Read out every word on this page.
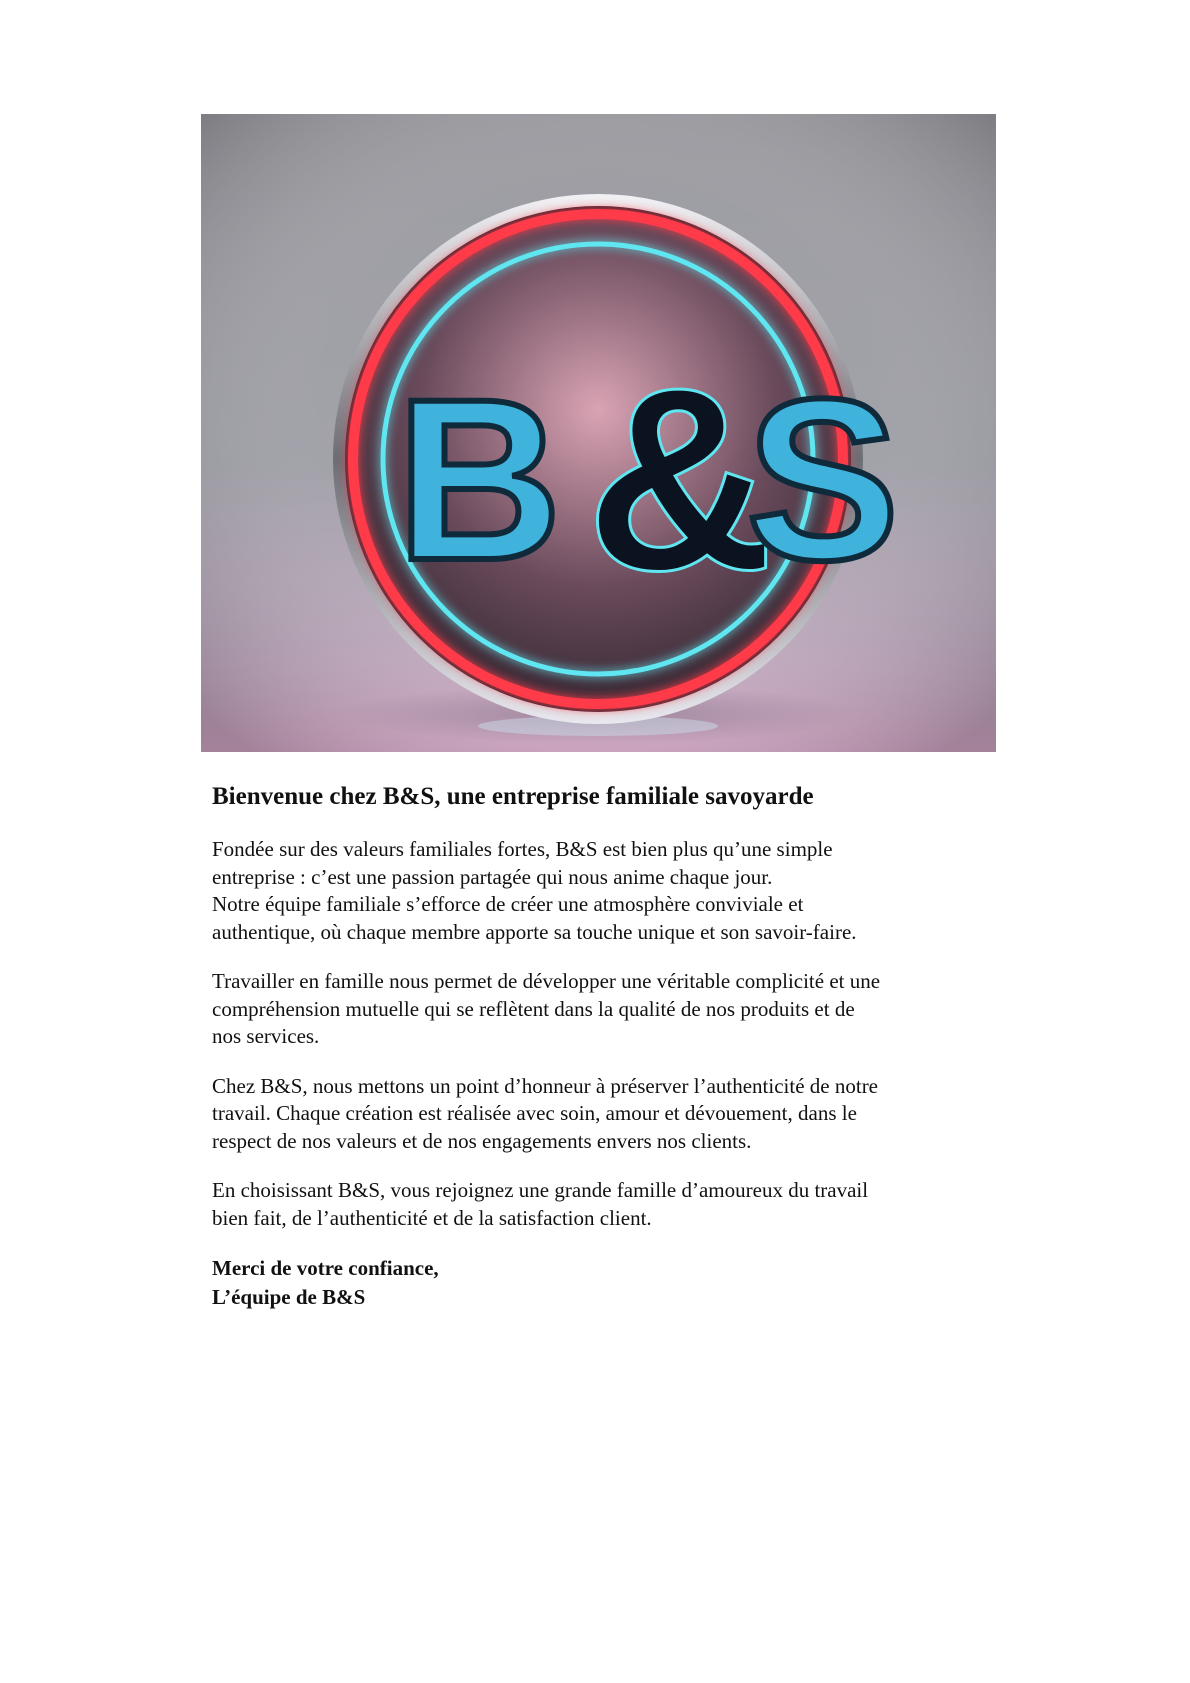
B &
S
Bienvenue chez B&S, une entreprise familiale savoyarde

Fondée sur des valeurs familiales fortes, B&S est bien plus qu’une simple
entreprise : c’est une passion partagée qui nous anime chaque jour.
Notre équipe familiale s’efforce de créer une atmosphère conviviale et
authentique, où chaque membre apporte sa touche unique et son savoir-faire.

Travailler en famille nous permet de développer une véritable complicité et une
compréhension mutuelle qui se reflètent dans la qualité de nos produits et de
nos services.

Chez B&S, nous mettons un point d’honneur à préserver l’authenticité de notre
travail. Chaque création est réalisée avec soin, amour et dévouement, dans le
respect de nos valeurs et de nos engagements envers nos clients.

En choisissant B&S, vous rejoignez une grande famille d’amoureux du travail
bien fait, de l’authenticité et de la satisfaction client.

Merci de votre confiance,
L’équipe de B&S
